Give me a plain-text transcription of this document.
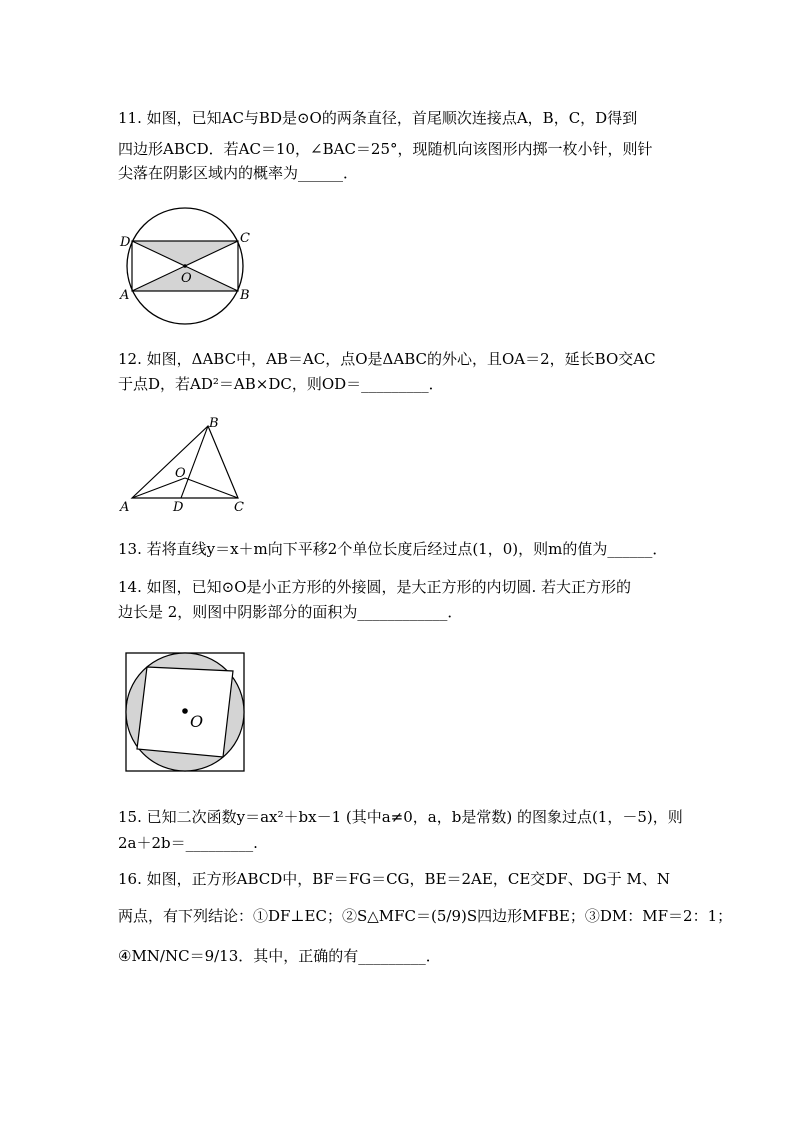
11. 如图，已知AC与BD是⊙O的两条直径，首尾顺次连接点A，B，C，D得到
四边形ABCD．若AC＝10，∠BAC＝25°，现随机向该图形内掷一枚小针，则针
尖落在阴影区域内的概率为______．
D	C
A	B
O
12. 如图，ΔABC中，AB＝AC，点O是ΔABC的外心，且OA＝2，延长BO交AC
于点D，若AD²＝AB×DC，则OD＝_________．
B
O
A	D	C
13. 若将直线y＝x＋m向下平移2个单位长度后经过点(1，0)，则m的值为______．
14. 如图，已知⊙O是小正方形的外接圆，是大正方形的内切圆. 若大正方形的
边长是 2，则图中阴影部分的面积为____________．
O
15. 已知二次函数y＝ax²＋bx－1 (其中a≠0，a，b是常数) 的图象过点(1，－5)，则
2a＋2b＝_________.
16. 如图，正方形ABCD中，BF＝FG＝CG，BE＝2AE，CE交DF、DG于 M、N
两点，有下列结论：①DF⊥EC；②S△MFC＝(5/9)S四边形MFBE；③DM：MF＝2：1；
④MN/NC＝9/13．其中，正确的有_________．
